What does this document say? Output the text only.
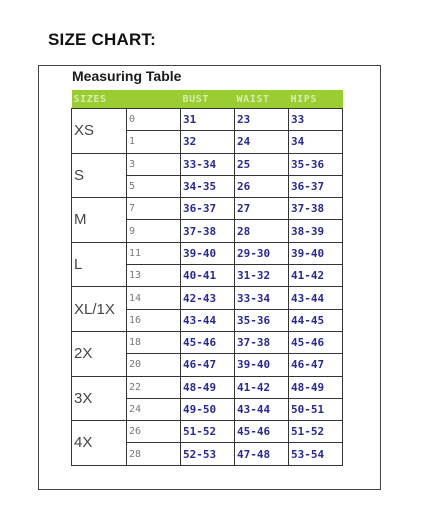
SIZE CHART:
Measuring Table
SIZES		BUST	WAIST	HIPS
XS	0	31	23	33
	1	32	24	34
S	3	33-34	25	35-36
	5	34-35	26	36-37
M	7	36-37	27	37-38
	9	37-38	28	38-39
L	11	39-40	29-30	39-40
	13	40-41	31-32	41-42
XL/1X	14	42-43	33-34	43-44
	16	43-44	35-36	44-45
2X	18	45-46	37-38	45-46
	20	46-47	39-40	46-47
3X	22	48-49	41-42	48-49
	24	49-50	43-44	50-51
4X	26	51-52	45-46	51-52
	28	52-53	47-48	53-54
